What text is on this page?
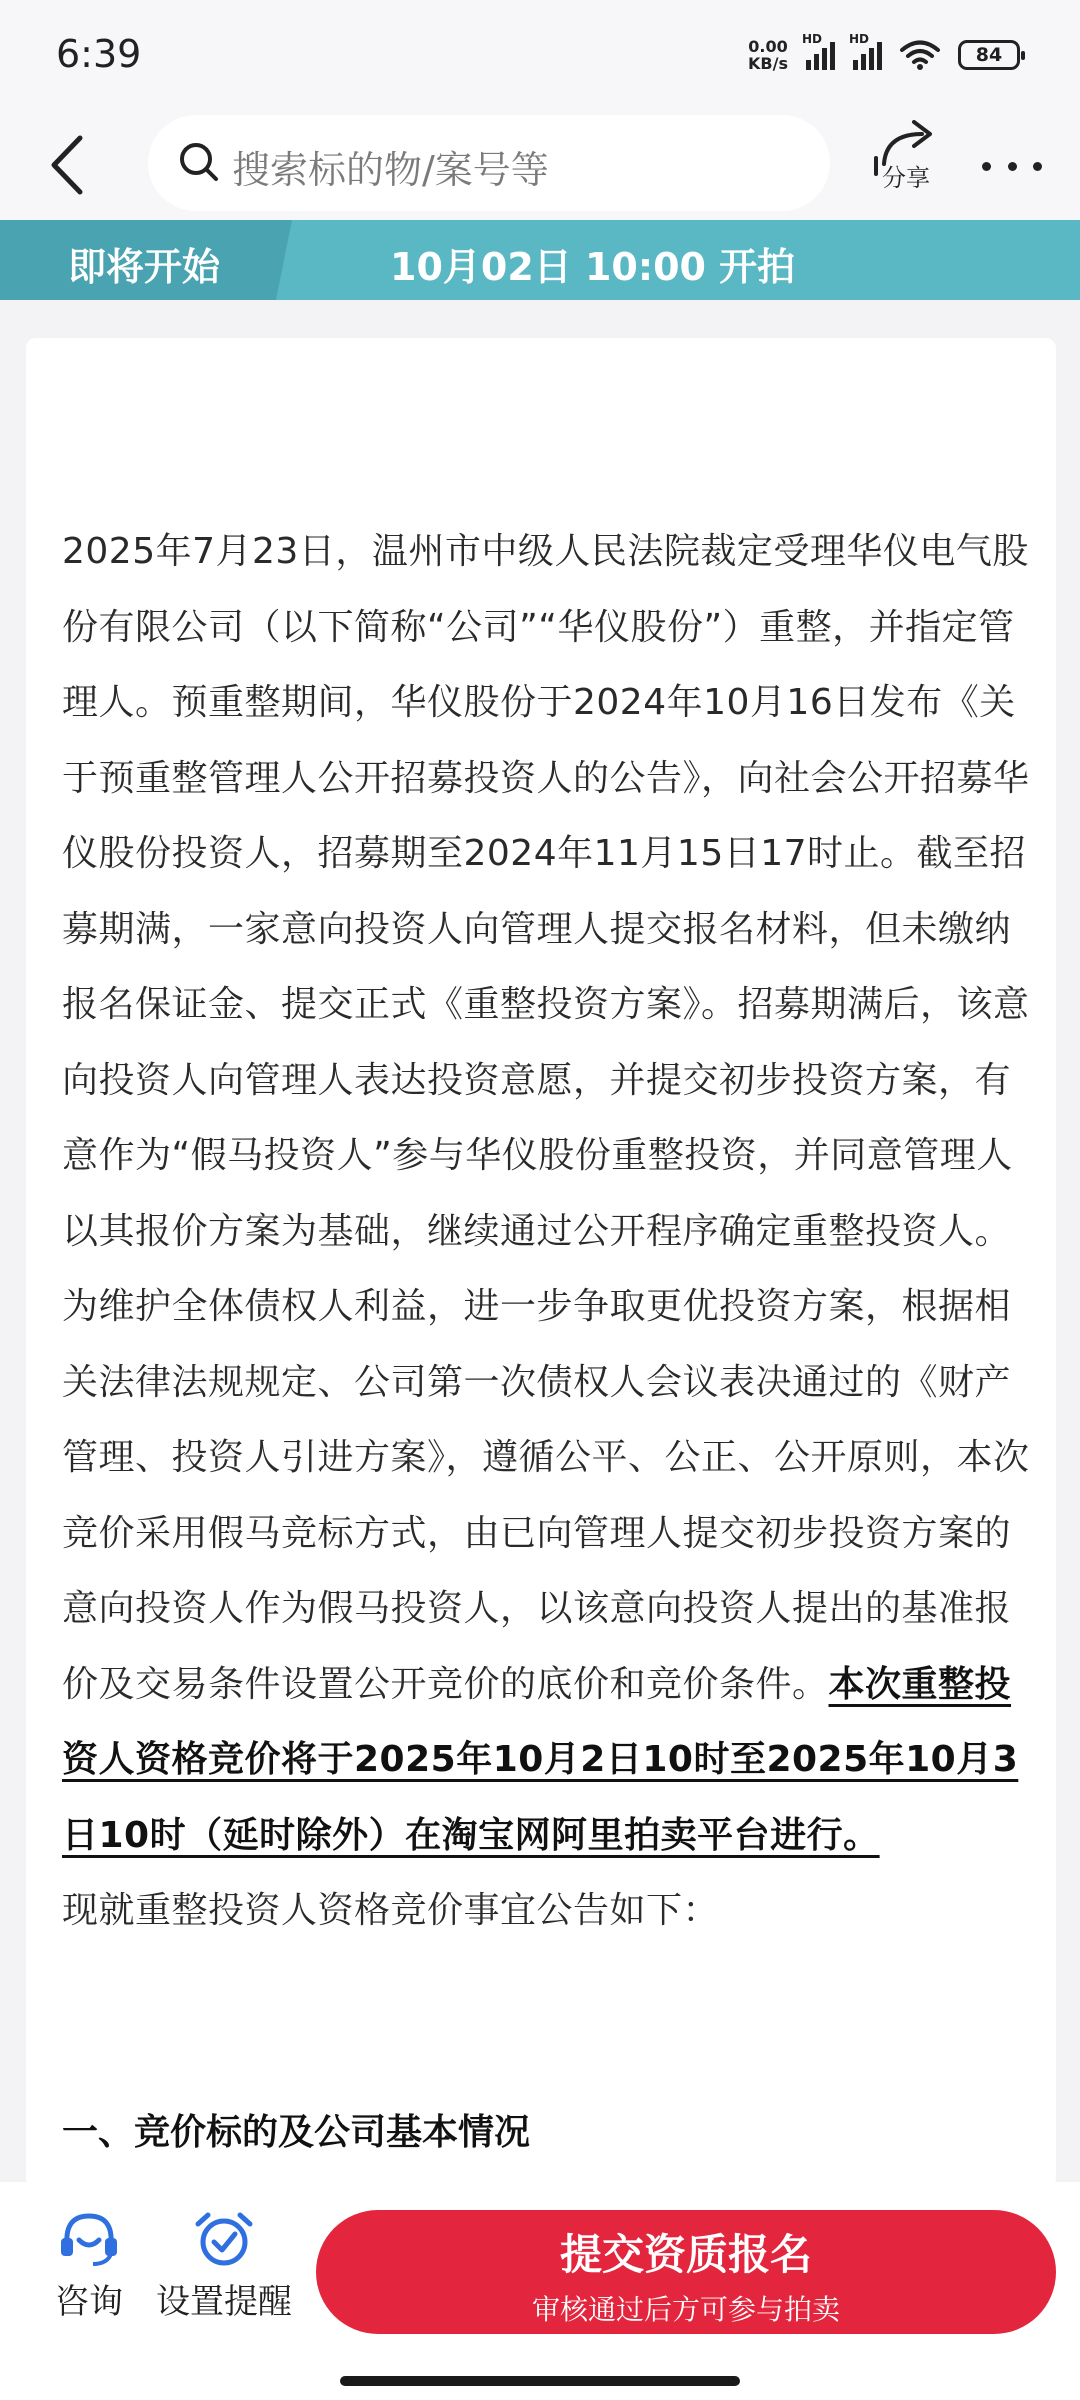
6:39	0.00
KB/s
HD HD
84
搜索标的物/案号等	分享
即将开始	10月02日 10:00 开拍

2025年7月23日，温州市中级人民法院裁定受理华仪电气股份有限公司（以下简称“公司”“华仪股份”）重整，并指定管理人。预重整期间，华仪股份于2024年10月16日发布《关于预重整管理人公开招募投资人的公告》，向社会公开招募华仪股份投资人，招募期至2024年11月15日17时止。截至招募期满，一家意向投资人向管理人提交报名材料，但未缴纳报名保证金、提交正式《重整投资方案》。招募期满后，该意向投资人向管理人表达投资意愿，并提交初步投资方案，有意作为“假马投资人”参与华仪股份重整投资，并同意管理人以其报价方案为基础，继续通过公开程序确定重整投资人。

为维护全体债权人利益，进一步争取更优投资方案，根据相关法律法规规定、公司第一次债权人会议表决通过的《财产管理、投资人引进方案》，遵循公平、公正、公开原则，本次竞价采用假马竞标方式，由已向管理人提交初步投资方案的意向投资人作为假马投资人，以该意向投资人提出的基准报价及交易条件设置公开竞价的底价和竞价条件。本次重整投资人资格竞价将于2025年10月2日10时至2025年10月3日10时（延时除外）在淘宝网阿里拍卖平台进行。

现就重整投资人资格竞价事宜公告如下：

一、竞价标的及公司基本情况
咨询 设置提醒
提交资质报名
审核通过后方可参与拍卖
